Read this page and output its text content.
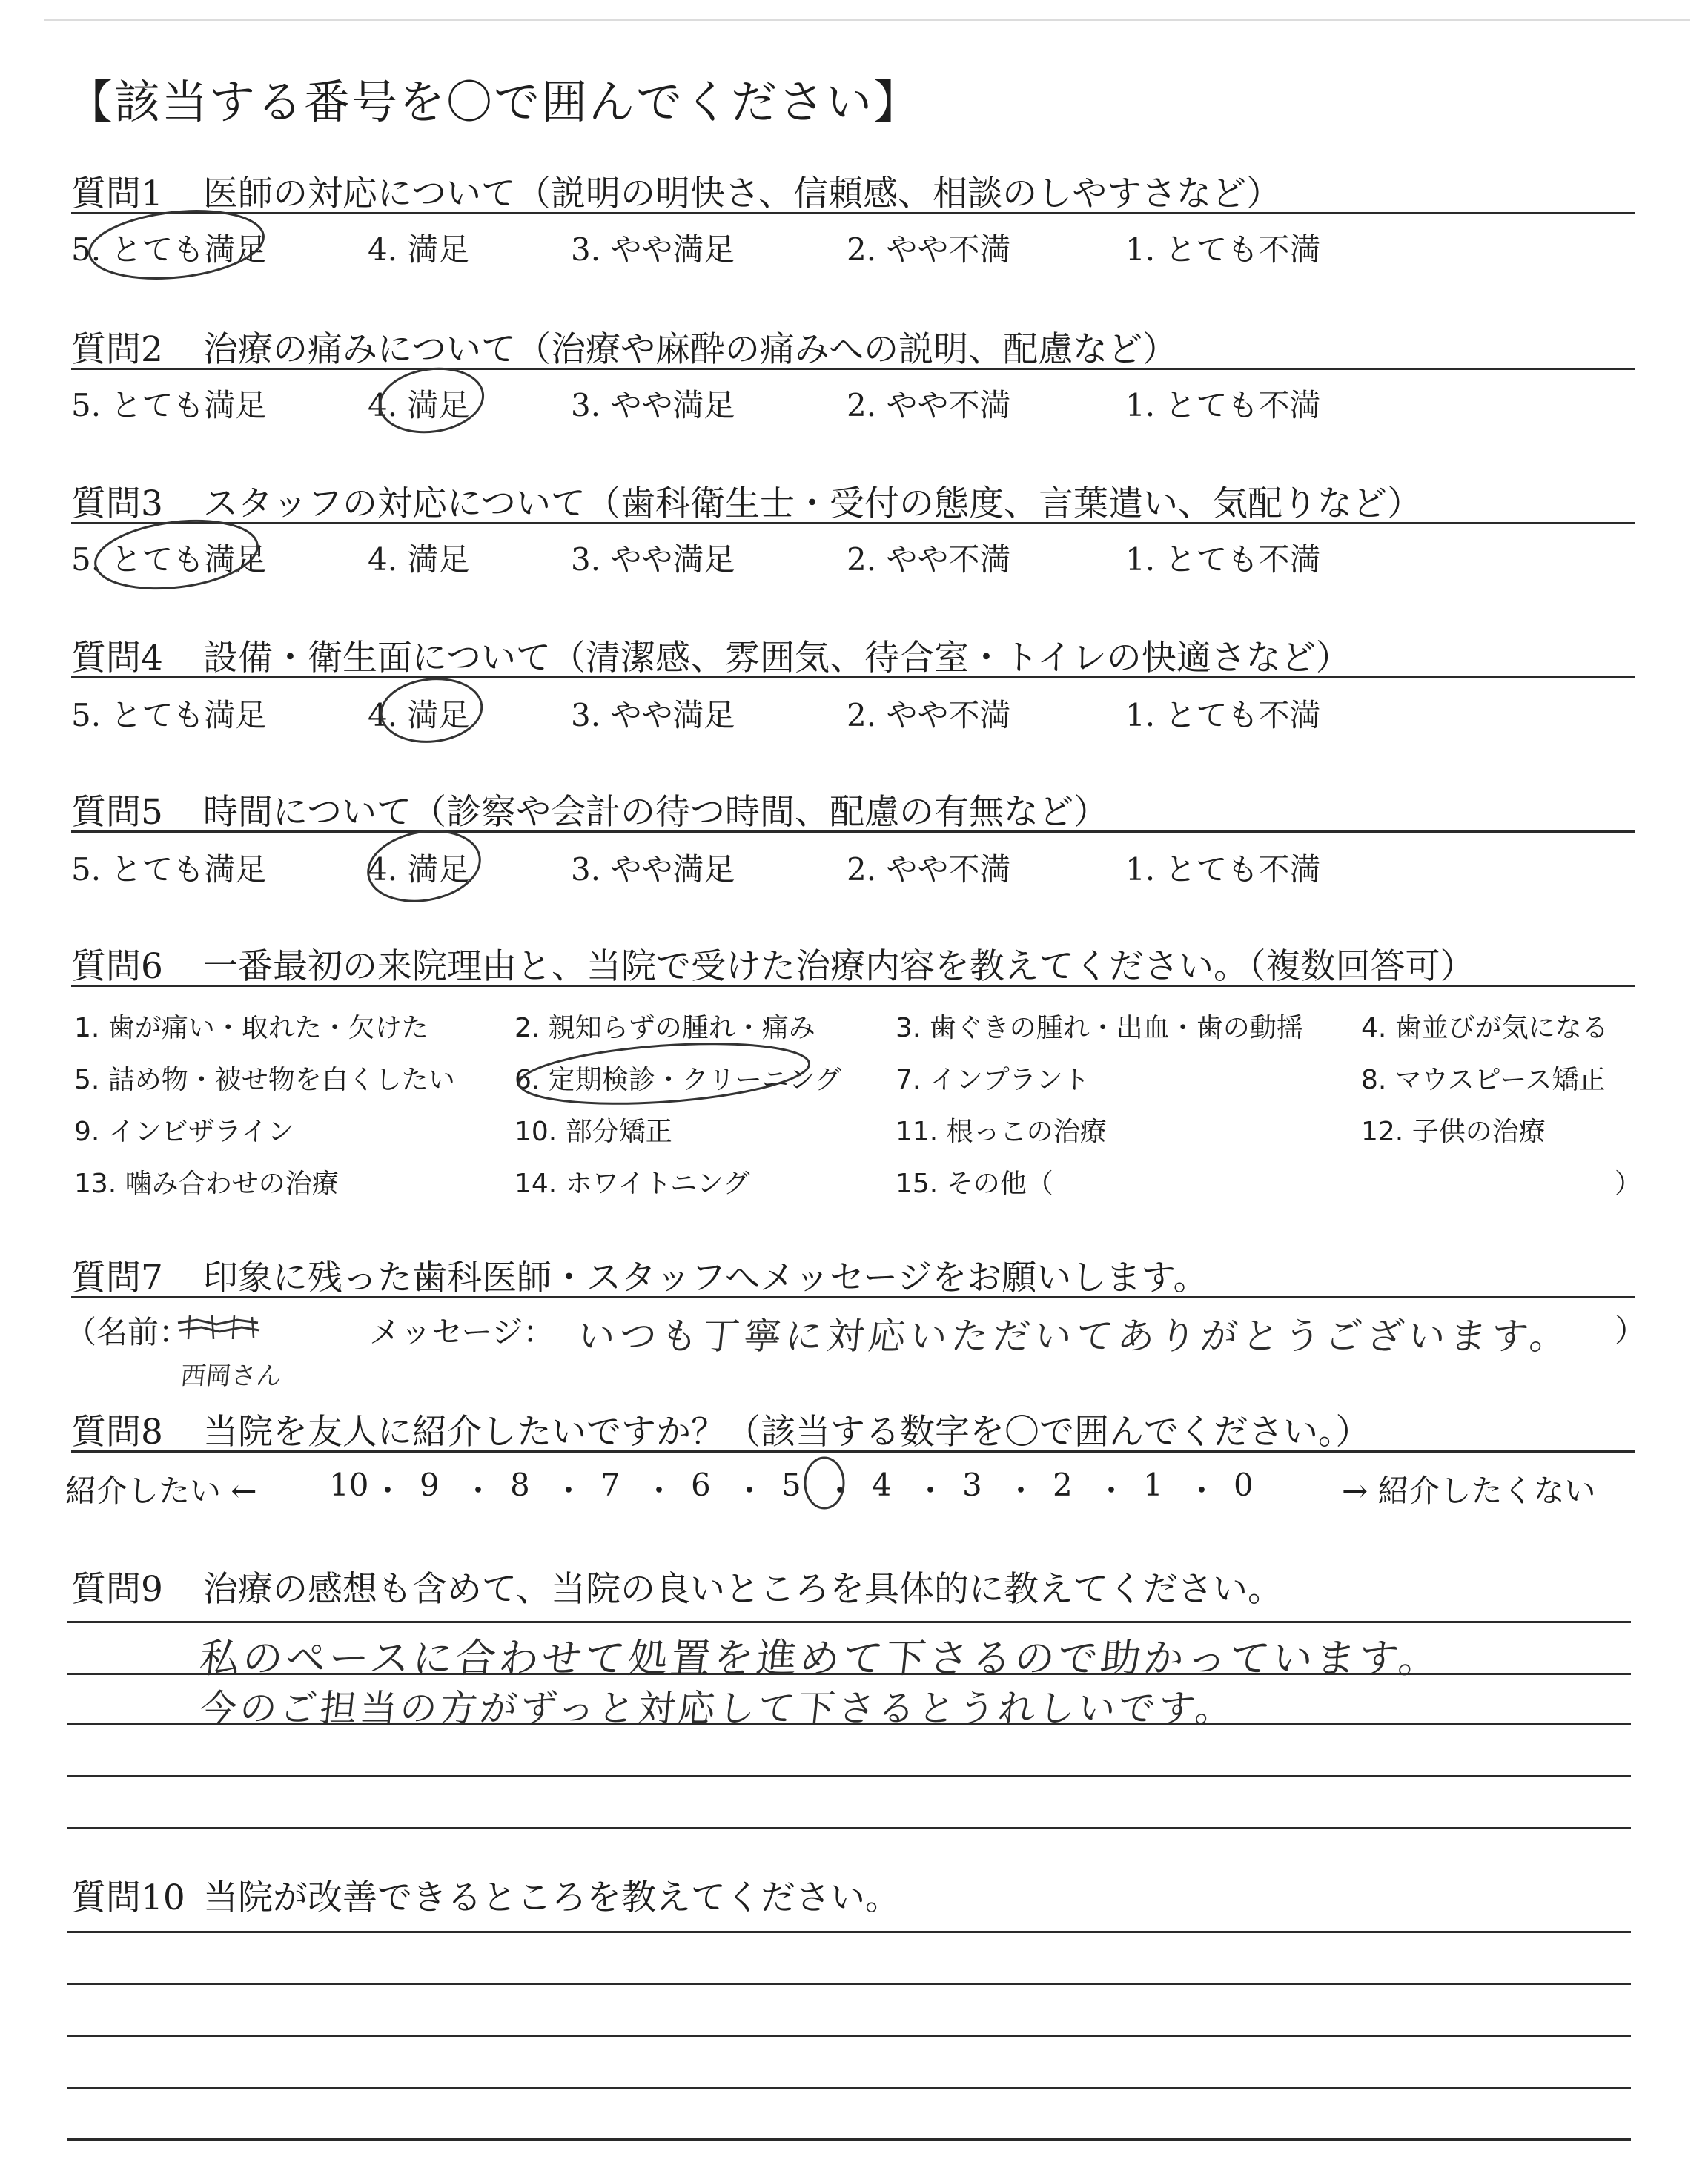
【該当する番号を〇で囲んでください】
質問1 医師の対応について（説明の明快さ、信頼感、相談のしやすさなど）
5. とても満足	4. 満足	3. やや満足	2. やや不満	1. とても不満
質問2 治療の痛みについて（治療や麻酔の痛みへの説明、配慮など）
5. とても満足	4. 満足	3. やや満足	2. やや不満	1. とても不満
質問3 スタッフの対応について（歯科衛生士・受付の態度、言葉遣い、気配りなど）
5. とても満足	4. 満足	3. やや満足	2. やや不満	1. とても不満
質問4 設備・衛生面について（清潔感、雰囲気、待合室・トイレの快適さなど）
5. とても満足	4. 満足	3. やや満足	2. やや不満	1. とても不満
質問5 時間について（診察や会計の待つ時間、配慮の有無など）
5. とても満足	4. 満足	3. やや満足	2. やや不満	1. とても不満
質問6 一番最初の来院理由と、当院で受けた治療内容を教えてください。（複数回答可）
1. 歯が痛い・取れた・欠けた	2. 親知らずの腫れ・痛み	3. 歯ぐきの腫れ・出血・歯の動揺 4. 歯並びが気になる
5. 詰め物・被せ物を白くしたい 6. 定期検診・クリーニング 7. インプラント	8. マウスピース矯正
9. インビザライン	10. 部分矯正	11. 根っこの治療	12. 子供の治療
13. 噛み合わせの治療	14. ホワイトニング	15. その他（	）
質問7 印象に残った歯科医師・スタッフへメッセージをお願いします。
（名前：
西岡さん
メッセージ： いつも丁寧に対応いただいてありがとうございます。 ）
質問8 当院を友人に紹介したいですか？（該当する数字を〇で囲んでください。）
紹介したい ← 10 ・ 9 ・ 8 ・ 7 ・ 6 ・ 5 ・ 4 ・ 3 ・ 2 ・ 1 ・ 0	→ 紹介したくない
質問9 治療の感想も含めて、当院の良いところを具体的に教えてください。
私のペースに合わせて処置を進めて下さるので助かっています。
今のご担当の方がずっと対応して下さるとうれしいです。
質問10 当院が改善できるところを教えてください。
